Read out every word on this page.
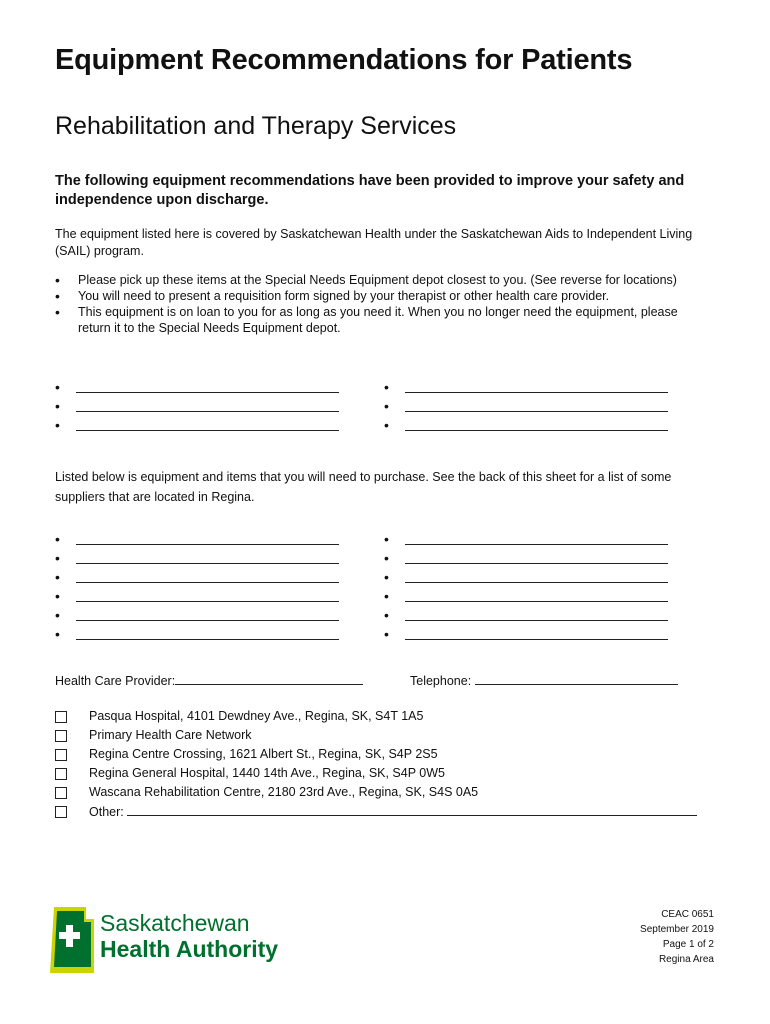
Equipment Recommendations for Patients
Rehabilitation and Therapy Services
The following equipment recommendations have been provided to improve your safety and independence upon discharge.
The equipment listed here is covered by Saskatchewan Health under the Saskatchewan Aids to Independent Living (SAIL) program.
• Please pick up these items at the Special Needs Equipment depot closest to you. (See reverse for locations)
• You will need to present a requisition form signed by your therapist or other health care provider.
• This equipment is on loan to you for as long as you need it. When you no longer need the equipment, please return it to the Special Needs Equipment depot.
•
•
•
•
•
•
Listed below is equipment and items that you will need to purchase. See the back of this sheet for a list of some suppliers that are located in Regina.
•
•
•
•
•
•
•
•
•
•
•
•
Health Care Provider:	Telephone:
Pasqua Hospital, 4101 Dewdney Ave., Regina, SK, S4T 1A5
Primary Health Care Network
Regina Centre Crossing, 1621 Albert St., Regina, SK, S4P 2S5
Regina General Hospital, 1440 14th Ave., Regina, SK, S4P 0W5
Wascana Rehabilitation Centre, 2180 23rd Ave., Regina, SK, S4S 0A5
Other:
Saskatchewan
Health Authority
CEAC 0651
September 2019
Page 1 of 2
Regina Area
